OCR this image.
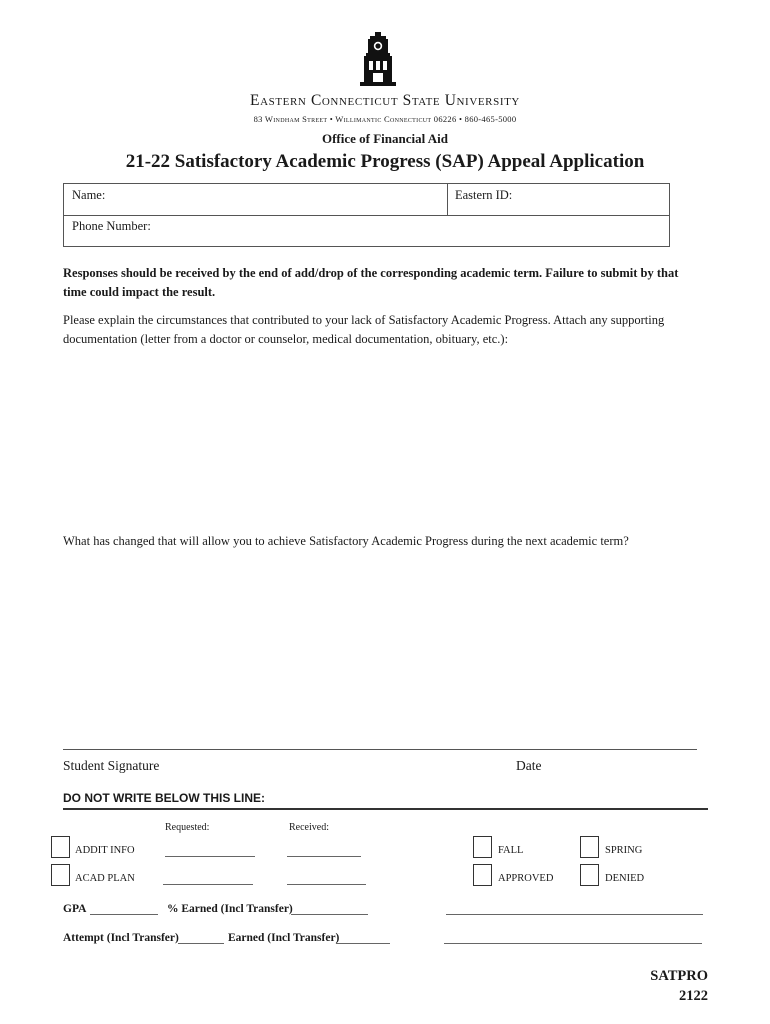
Eastern Connecticut State University
83 Windham Street • Willimantic Connecticut 06226 • 860-465-5000
Office of Financial Aid
21-22 Satisfactory Academic Progress (SAP) Appeal Application
Name:	Eastern ID:
Phone Number:
Responses should be received by the end of add/drop of the corresponding academic term. Failure to submit by that time could impact the result.
Please explain the circumstances that contributed to your lack of Satisfactory Academic Progress. Attach any supporting documentation (letter from a doctor or counselor, medical documentation, obituary, etc.):
What has changed that will allow you to achieve Satisfactory Academic Progress during the next academic term?
Student Signature	Date
DO NOT WRITE BELOW THIS LINE:
Requested:	Received:
ADDIT INFO	FALL	SPRING
ACAD PLAN	APPROVED	DENIED
GPA	% Earned (Incl Transfer)
Attempt (Incl Transfer)	Earned (Incl Transfer)
SATPRO
2122
